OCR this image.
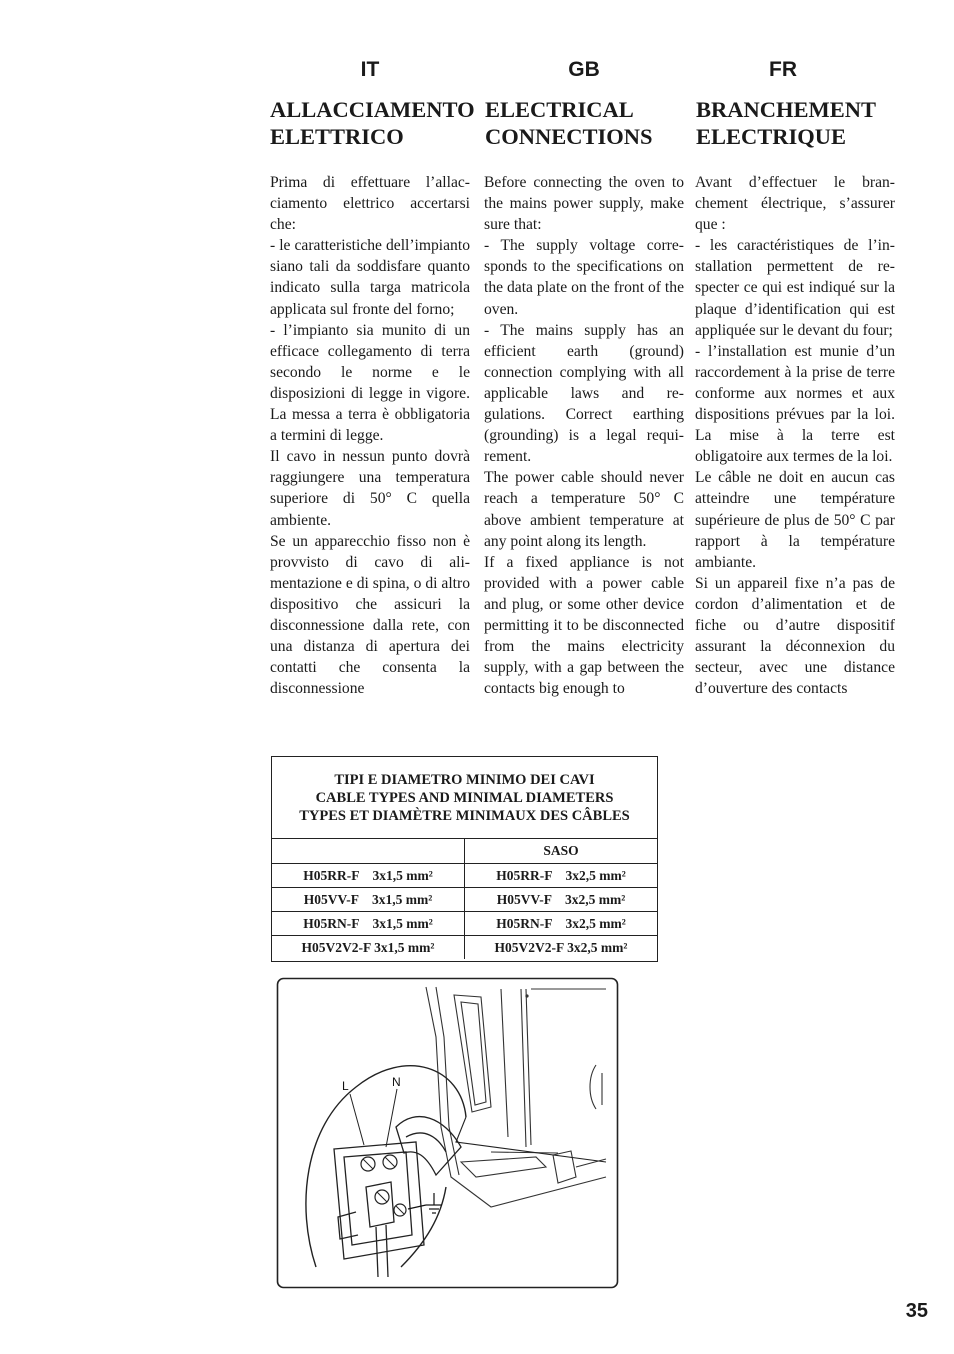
IT	GB	FR
ALLACCIAMENTO
ELETTRICO
ELECTRICAL
CONNECTIONS
BRANCHEMENT
ELECTRIQUE

Prima di effettuare l’allacciamento elettrico accertarsi che:

- le caratteristiche dell’impianto siano tali da soddisfare quanto indicato sulla targa matricola applicata sul fronte del forno;

- l’impianto sia munito di un efficace collegamento di terra secondo le norme e le disposizioni di legge in vigore. La messa a terra è obbligatoria a termini di legge.

Il cavo in nessun punto dovrà raggiungere una temperatura superiore di 50° C quella ambiente.

Se un apparecchio fisso non è provvisto di cavo di alimentazione e di spina, o di altro dispositivo che assicuri la disconnessione dalla rete, con una distanza di apertura dei contatti che consenta la disconnessione

Before connecting the oven to the mains power supply, make sure that:

- The supply voltage corresponds to the specifications on the data plate on the front of the oven.

- The mains supply has an efficient earth (ground) connection complying with all applicable laws and regulations. Correct earthing (grounding) is a legal requirement.

The power cable should never reach a temperature 50° C above ambient temperature at any point along its length.

If a fixed appliance is not provided with a power cable and plug, or some other device permitting it to be disconnected from the mains electricity supply, with a gap between the contacts big enough to

Avant d’effectuer le branchement électrique, s’assurer que :

- les caractéristiques de l’installation permettent de respecter ce qui est indiqué sur la plaque d’identification qui est appliquée sur le devant du four;

- l’installation est munie d’un raccordement à la prise de terre conforme aux normes et aux dispositions prévues par la loi. La mise à la terre est obligatoire aux termes de la loi.

Le câble ne doit en aucun cas atteindre une température supérieure de plus de 50° C par rapport à la température ambiante.

Si un appareil fixe n’a pas de cordon d’alimentation et de fiche ou d’autre dispositif assurant la déconnexion du secteur, avec une distance d’ouverture des contacts

TIPI E DIAMETRO MINIMO DEI CAVI
CABLE TYPES AND MINIMAL DIAMETERS
TYPES ET DIAMÈTRE MINIMAUX DES CÂBLES
	SASO
H05RR-F    3x1,5 mm²	H05RR-F    3x2,5 mm²
H05VV-F    3x1,5 mm²	H05VV-F    3x2,5 mm²
H05RN-F    3x1,5 mm²	H05RN-F    3x2,5 mm²
H05V2V2-F 3x1,5 mm²	H05V2V2-F 3x2,5 mm²
L	N
35
